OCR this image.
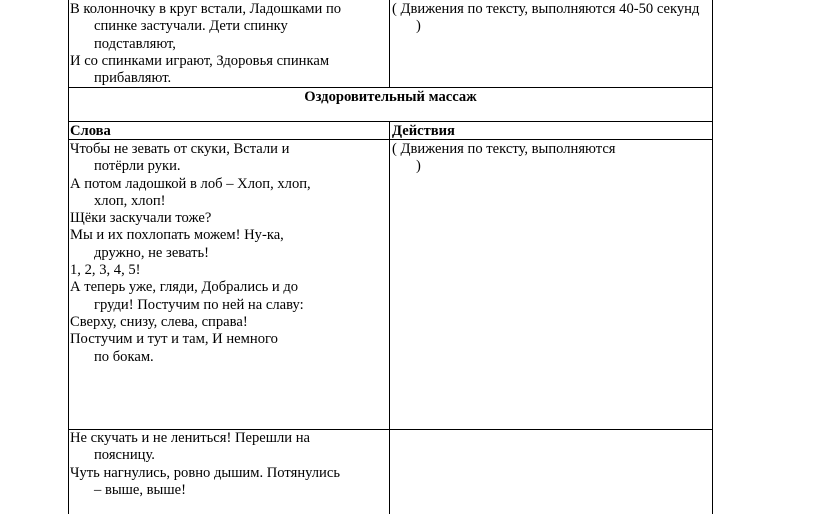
В колонночку в круг встали, Ладошками по
спинке застучали. Дети спинку
подставляют,

И со спинками играют, Здоровья спинкам
прибавляют.

( Движения по тексту, выполняются 40-50 секунд
)

Оздоровительный массаж
Слова	Действия

Чтобы не зевать от скуки, Встали и
потёрли руки.

А потом ладошкой в лоб – Хлоп, хлоп,
хлоп, хлоп!

Щёки заскучали тоже?

Мы и их похлопать можем! Ну-ка,
дружно, не зевать!

1, 2, 3, 4, 5!

А теперь уже, гляди, Добрались и до
груди! Постучим по ней на славу:

Сверху, снизу, слева, справа!

Постучим и тут и там, И немного
по бокам.

( Движения по тексту, выполняются
)

Не скучать и не лениться! Перешли на
поясницу.

Чуть нагнулись, ровно дышим. Потянулись
– выше, выше!
